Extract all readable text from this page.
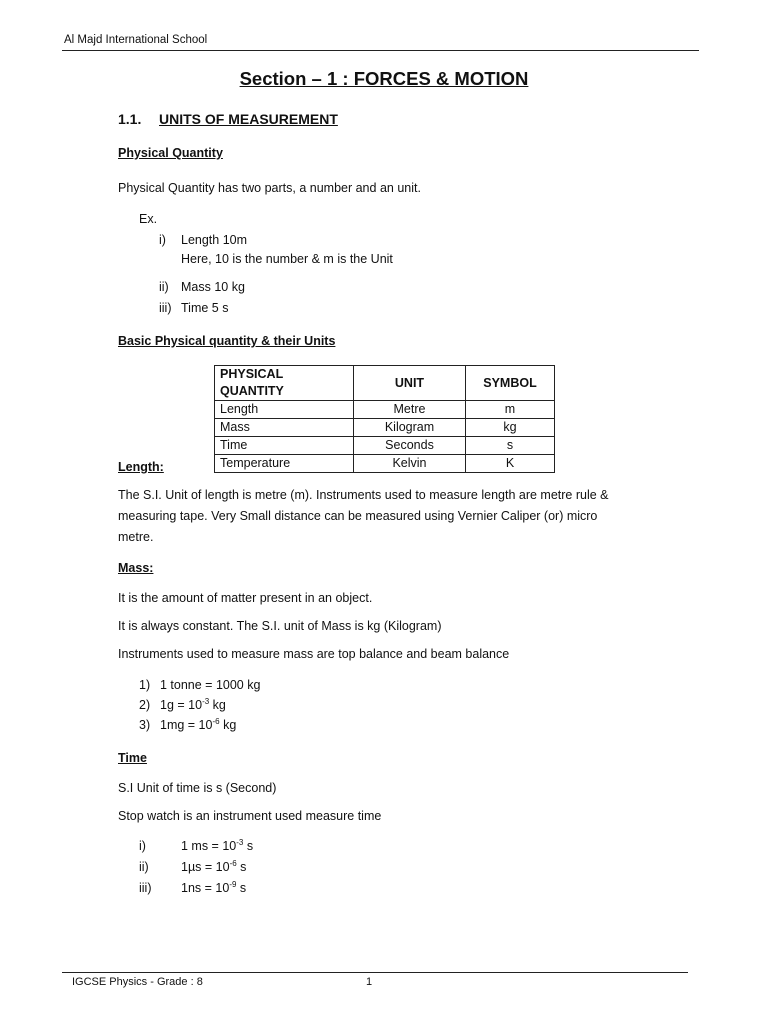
Al Majd International School
Section – 1 : FORCES & MOTION
1.1. UNITS OF MEASUREMENT
Physical Quantity
Physical Quantity has two parts, a number and an unit.
Ex.
i) Length 10m
Here, 10 is the number & m is the Unit
ii) Mass 10 kg
iii) Time 5 s
Basic Physical quantity & their Units
PHYSICAL QUANTITY	UNIT	SYMBOL
Length	Metre	m
Mass	Kilogram	kg
Time	Seconds	s
Temperature	Kelvin	K
Length:
The S.I. Unit of length is metre (m). Instruments used to measure length are metre rule &
measuring tape. Very Small distance can be measured using Vernier Caliper (or) micro
metre.
Mass:
It is the amount of matter present in an object.
It is always constant. The S.I. unit of Mass is kg (Kilogram)
Instruments used to measure mass are top balance and beam balance
1) 1 tonne = 1000 kg
2) $1g = 10^{-3}$ kg
3) $1mg = 10^{-6}$ kg
Time
S.I Unit of time is s (Second)
Stop watch is an instrument used measure time
i)	1 ms = $10^{-3}$ s
ii)	$1\mu s = 10^{-6}$ s
iii) $1ns = 10^{-9}$ s
IGCSE Physics - Grade : 8	1
